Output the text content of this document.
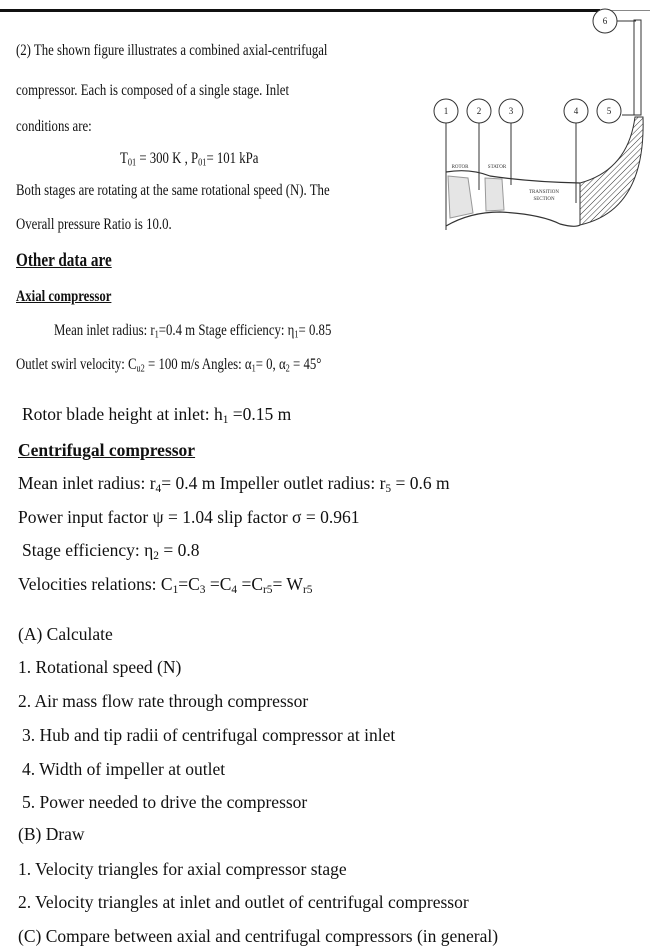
1	2	3	4	5
6
ROTOR	STATOR
TRANSITION
SECTION
(2) The shown figure illustrates a combined axial-centrifugal
compressor. Each is composed of a single stage. Inlet
conditions are:
$T_{01} = 300$ K , $P_{01}= 101$ kPa
Both stages are rotating at the same rotational speed (N). The
Overall pressure Ratio is 10.0.
Other data are
Axial compressor
Mean inlet radius: $r_1=0.4$ m Stage efficiency: $\eta_1= 0.85$
Outlet swirl velocity: $C_{u2} = 100$ m/s Angles: $\alpha_1= 0$, $\alpha_2 = 45^\circ$
Rotor blade height at inlet: $h_1 =0.15$ m
Centrifugal compressor
Mean inlet radius: $r_4= 0.4$ m Impeller outlet radius: $r_5 = 0.6$ m
Power input factor ψ = 1.04 slip factor σ = 0.961
Stage efficiency: $\eta_2 = 0.8$
Velocities relations: $C_1=C_3 =C_4 =C_{r5}= W_{r5}$
(A) Calculate
1. Rotational speed (N)
2. Air mass flow rate through compressor
3. Hub and tip radii of centrifugal compressor at inlet
4. Width of impeller at outlet
5. Power needed to drive the compressor
(B) Draw
1. Velocity triangles for axial compressor stage
2. Velocity triangles at inlet and outlet of centrifugal compressor
(C) Compare between axial and centrifugal compressors (in general)
